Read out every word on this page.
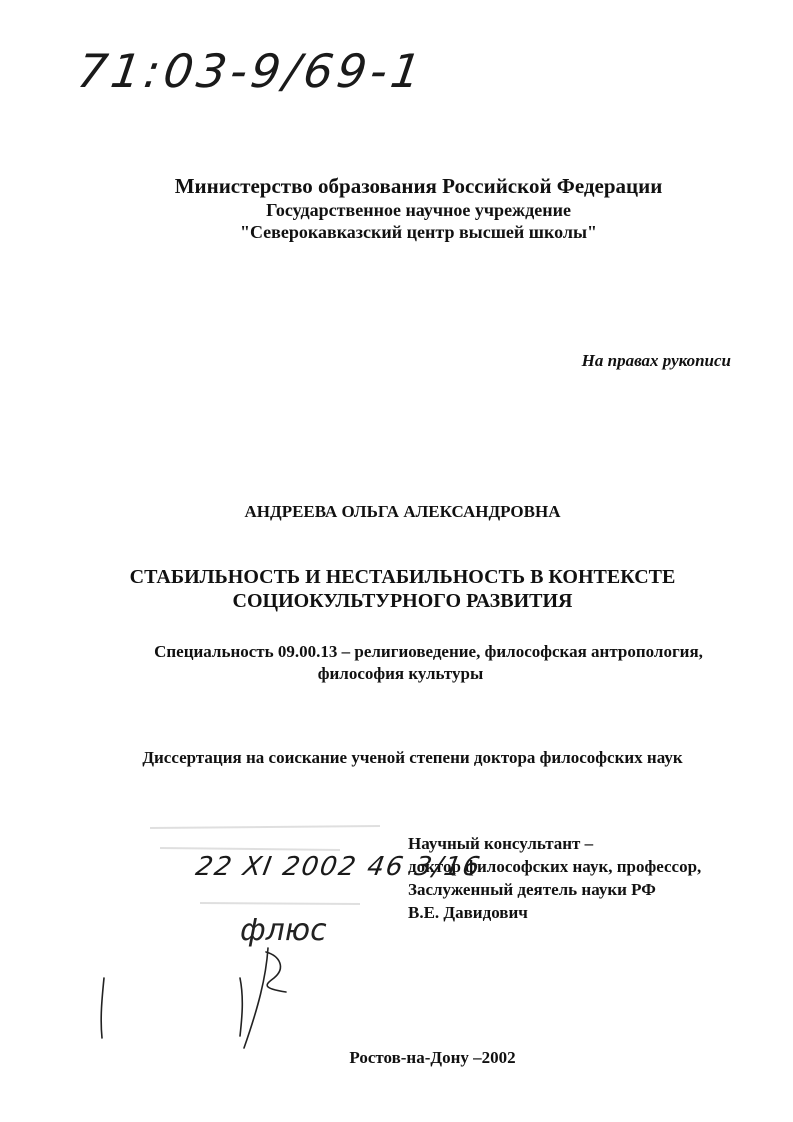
71:03-9/69-1
Министерство образования Российской Федерации
Государственное научное учреждение
"Северокавказский центр высшей школы"
На правах рукописи
АНДРЕЕВА ОЛЬГА АЛЕКСАНДРОВНА
СТАБИЛЬНОСТЬ И НЕСТАБИЛЬНОСТЬ В КОНТЕКСТЕ
СОЦИОКУЛЬТУРНОГО РАЗВИТИЯ
Специальность 09.00.13 – религиоведение, философская антропология,
философия культуры
Диссертация на соискание ученой степени доктора философских наук
Научный консультант –
доктор философских наук, профессор,
Заслуженный деятель науки РФ
В.Е. Давидович
22 XI 2002 46 3/16
флюс
Ростов-на-Дону –2002
